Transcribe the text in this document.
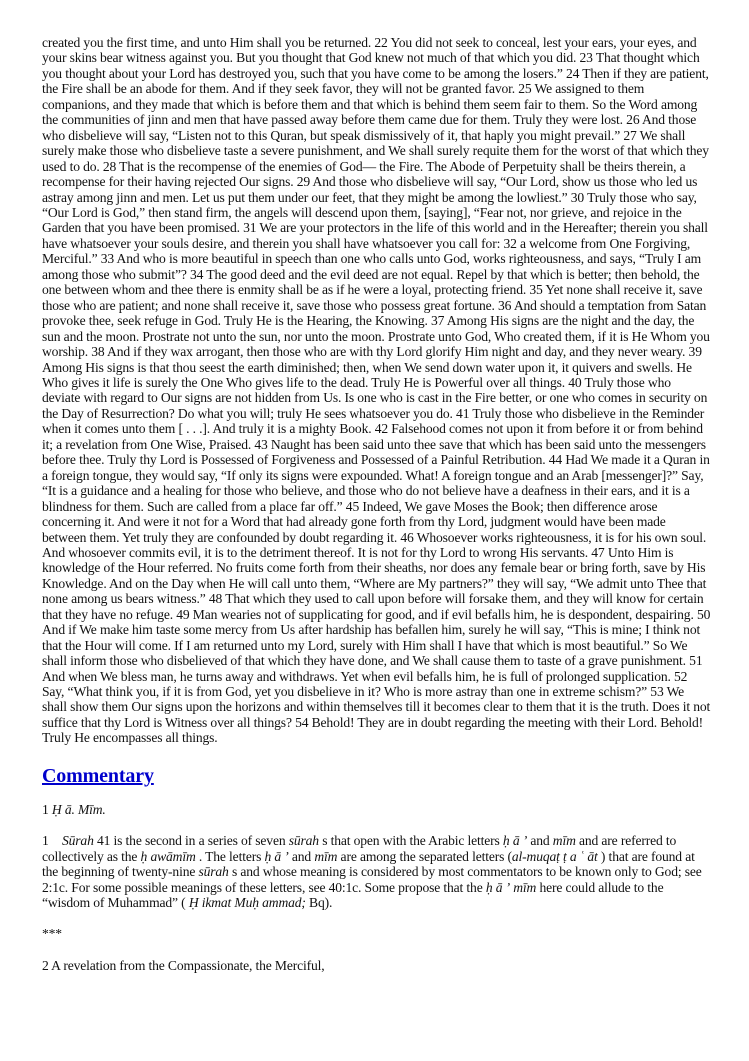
created you the first time, and unto Him shall you be returned. 22 You did not seek to conceal, lest your ears, your eyes, and your skins bear witness against you. But you thought that God knew not much of that which you did. 23 That thought which you thought about your Lord has destroyed you, such that you have come to be among the losers.” 24 Then if they are patient, the Fire shall be an abode for them. And if they seek favor, they will not be granted favor. 25 We assigned to them companions, and they made that which is before them and that which is behind them seem fair to them. So the Word among the communities of jinn and men that have passed away before them came due for them. Truly they were lost. 26 And those who disbelieve will say, “Listen not to this Quran, but speak dismissively of it, that haply you might prevail.” 27 We shall surely make those who disbelieve taste a severe punishment, and We shall surely requite them for the worst of that which they used to do. 28 That is the recompense of the enemies of God— the Fire. The Abode of Perpetuity shall be theirs therein, a recompense for their having rejected Our signs. 29 And those who disbelieve will say, “Our Lord, show us those who led us astray among jinn and men. Let us put them under our feet, that they might be among the lowliest.” 30 Truly those who say, “Our Lord is God,” then stand firm, the angels will descend upon them, [saying], “Fear not, nor grieve, and rejoice in the Garden that you have been promised. 31 We are your protectors in the life of this world and in the Hereafter; therein you shall have whatsoever your souls desire, and therein you shall have whatsoever you call for: 32 a welcome from One Forgiving, Merciful.” 33 And who is more beautiful in speech than one who calls unto God, works righteousness, and says, “Truly I am among those who submit”? 34 The good deed and the evil deed are not equal. Repel by that which is better; then behold, the one between whom and thee there is enmity shall be as if he were a loyal, protecting friend. 35 Yet none shall receive it, save those who are patient; and none shall receive it, save those who possess great fortune. 36 And should a temptation from Satan provoke thee, seek refuge in God. Truly He is the Hearing, the Knowing. 37 Among His signs are the night and the day, the sun and the moon. Prostrate not unto the sun, nor unto the moon. Prostrate unto God, Who created them, if it is He Whom you worship. 38 And if they wax arrogant, then those who are with thy Lord glorify Him night and day, and they never weary. 39 Among His signs is that thou seest the earth diminished; then, when We send down water upon it, it quivers and swells. He Who gives it life is surely the One Who gives life to the dead. Truly He is Powerful over all things. 40 Truly those who deviate with regard to Our signs are not hidden from Us. Is one who is cast in the Fire better, or one who comes in security on the Day of Resurrection? Do what you will; truly He sees whatsoever you do. 41 Truly those who disbelieve in the Reminder when it comes unto them [ . . .]. And truly it is a mighty Book. 42 Falsehood comes not upon it from before it or from behind it; a revelation from One Wise, Praised. 43 Naught has been said unto thee save that which has been said unto the messengers before thee. Truly thy Lord is Possessed of Forgiveness and Possessed of a Painful Retribution. 44 Had We made it a Quran in a foreign tongue, they would say, “If only its signs were expounded. What! A foreign tongue and an Arab [messenger]?” Say, “It is a guidance and a healing for those who believe, and those who do not believe have a deafness in their ears, and it is a blindness for them. Such are called from a place far off.” 45 Indeed, We gave Moses the Book; then difference arose concerning it. And were it not for a Word that had already gone forth from thy Lord, judgment would have been made between them. Yet truly they are confounded by doubt regarding it. 46 Whosoever works righteousness, it is for his own soul. And whosoever commits evil, it is to the detriment thereof. It is not for thy Lord to wrong His servants. 47 Unto Him is knowledge of the Hour referred. No fruits come forth from their sheaths, nor does any female bear or bring forth, save by His Knowledge. And on the Day when He will call unto them, “Where are My partners?” they will say, “We admit unto Thee that none among us bears witness.” 48 That which they used to call upon before will forsake them, and they will know for certain that they have no refuge. 49 Man wearies not of supplicating for good, and if evil befalls him, he is despondent, despairing. 50 And if We make him taste some mercy from Us after hardship has befallen him, surely he will say, “This is mine; I think not that the Hour will come. If I am returned unto my Lord, surely with Him shall I have that which is most beautiful.” So We shall inform those who disbelieved of that which they have done, and We shall cause them to taste of a grave punishment. 51 And when We bless man, he turns away and withdraws. Yet when evil befalls him, he is full of prolonged supplication. 52 Say, “What think you, if it is from God, yet you disbelieve in it? Who is more astray than one in extreme schism?” 53 We shall show them Our signs upon the horizons and within themselves till it becomes clear to them that it is the truth. Does it not suffice that thy Lord is Witness over all things? 54 Behold! They are in doubt regarding the meeting with their Lord. Behold! Truly He encompasses all things.

Commentary

1 Ḥ ā. Mīm.

1 Sūrah 41 is the second in a series of seven sūrah s that open with the Arabic letters ḥ ā ʼ and mīm and are referred to collectively as the ḥ awāmīm . The letters ḥ ā ʼ and mīm are among the separated letters (al-muqaṭ ṭ a ʿ āt ) that are found at the beginning of twenty-nine sūrah s and whose meaning is considered by most commentators to be known only to God; see 2:1c. For some possible meanings of these letters, see 40:1c. Some propose that the ḥ ā ʼ mīm here could allude to the “wisdom of Muhammad” ( Ḥ ikmat Muḥ ammad; Bq).

***

2 A revelation from the Compassionate, the Merciful,
